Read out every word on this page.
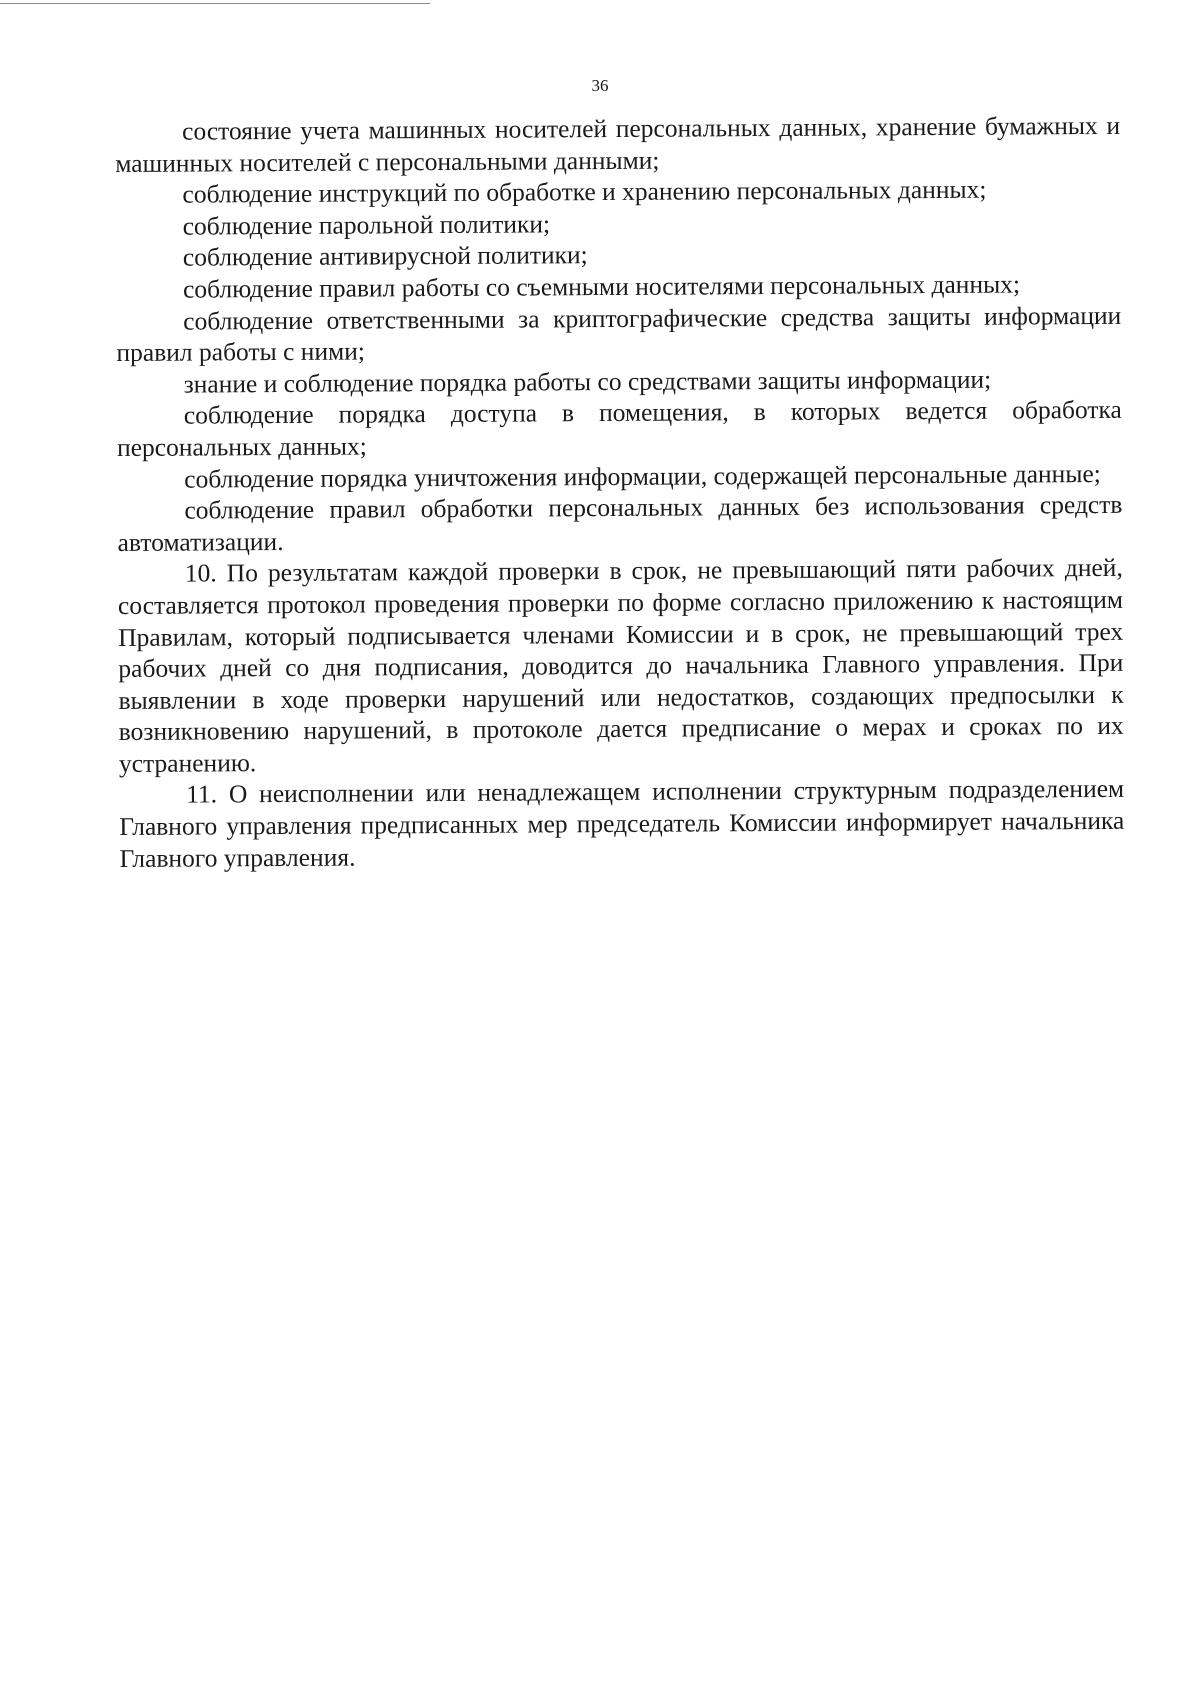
36

состояние учета машинных носителей персональных данных, хранение бумажных и машинных носителей с персональными данными;

соблюдение инструкций по обработке и хранению персональных данных;

соблюдение парольной политики;

соблюдение антивирусной политики;

соблюдение правил работы со съемными носителями персональных данных;

соблюдение ответственными за криптографические средства защиты информации правил работы с ними;

знание и соблюдение порядка работы со средствами защиты информации;

соблюдение порядка доступа в помещения, в которых ведется обработка персональных данных;

соблюдение порядка уничтожения информации, содержащей персональные данные;

соблюдение правил обработки персональных данных без использования средств автоматизации.

10. По результатам каждой проверки в срок, не превышающий пяти рабочих дней, составляется протокол проведения проверки по форме согласно приложению к настоящим Правилам, который подписывается членами Комиссии и в срок, не превышающий трех рабочих дней со дня подписания, доводится до начальника Главного управления. При выявлении в ходе проверки нарушений или недостатков, создающих предпосылки к возникновению нарушений, в протоколе дается предписание о мерах и сроках по их устранению.

11. О неисполнении или ненадлежащем исполнении структурным подразделением Главного управления предписанных мер председатель Комиссии информирует начальника Главного управления.
